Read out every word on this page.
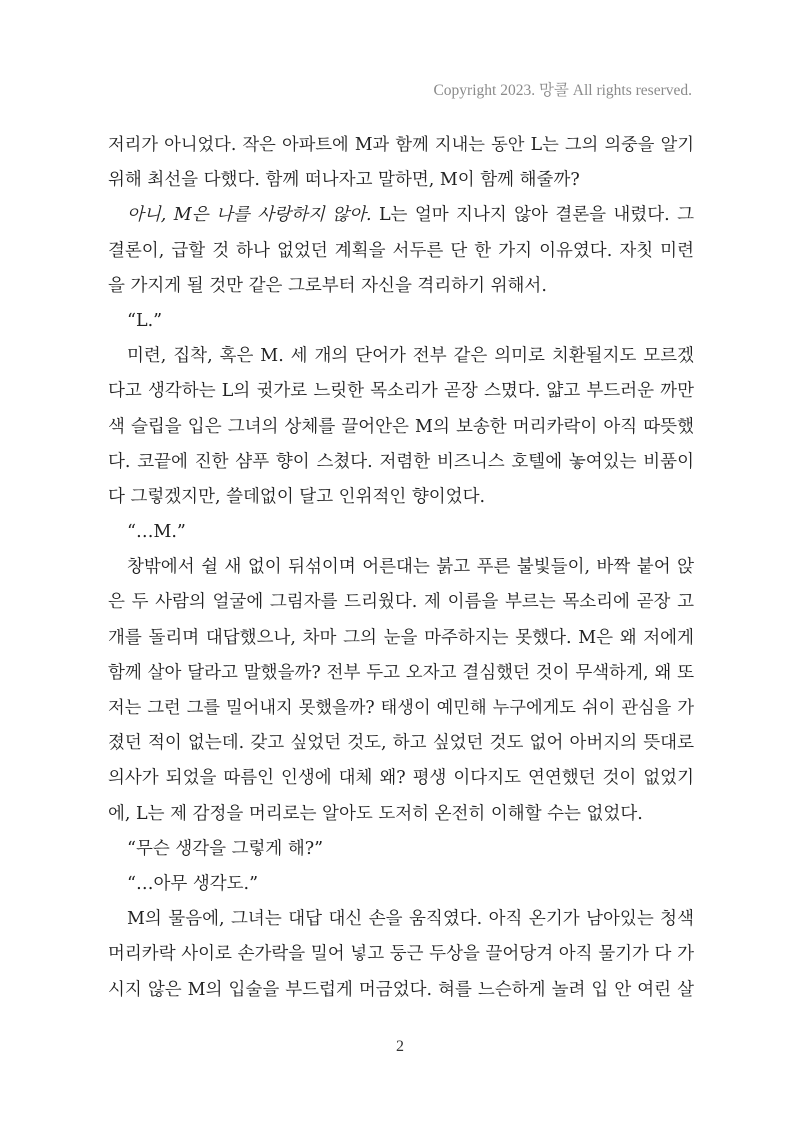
Copyright 2023. 망콜 All rights reserved.
저리가 아니었다. 작은 아파트에 M과 함께 지내는 동안 L는 그의 의중을 알기
위해 최선을 다했다. 함께 떠나자고 말하면, M이 함께 해줄까?
아니, M은 나를 사랑하지 않아. L는 얼마 지나지 않아 결론을 내렸다. 그
결론이, 급할 것 하나 없었던 계획을 서두른 단 한 가지 이유였다. 자칫 미련
을 가지게 될 것만 같은 그로부터 자신을 격리하기 위해서.
“L.”
미련, 집착, 혹은 M. 세 개의 단어가 전부 같은 의미로 치환될지도 모르겠
다고 생각하는 L의 귓가로 느릿한 목소리가 곧장 스몄다. 얇고 부드러운 까만
색 슬립을 입은 그녀의 상체를 끌어안은 M의 보송한 머리카락이 아직 따뜻했
다. 코끝에 진한 샴푸 향이 스쳤다. 저렴한 비즈니스 호텔에 놓여있는 비품이
다 그렇겠지만, 쓸데없이 달고 인위적인 향이었다.
“…M.”
창밖에서 쉴 새 없이 뒤섞이며 어른대는 붉고 푸른 불빛들이, 바짝 붙어 앉
은 두 사람의 얼굴에 그림자를 드리웠다. 제 이름을 부르는 목소리에 곧장 고
개를 돌리며 대답했으나, 차마 그의 눈을 마주하지는 못했다. M은 왜 저에게
함께 살아 달라고 말했을까? 전부 두고 오자고 결심했던 것이 무색하게, 왜 또
저는 그런 그를 밀어내지 못했을까? 태생이 예민해 누구에게도 쉬이 관심을 가
졌던 적이 없는데. 갖고 싶었던 것도, 하고 싶었던 것도 없어 아버지의 뜻대로
의사가 되었을 따름인 인생에 대체 왜? 평생 이다지도 연연했던 것이 없었기
에, L는 제 감정을 머리로는 알아도 도저히 온전히 이해할 수는 없었다.
“무슨 생각을 그렇게 해?”
“…아무 생각도.”
M의 물음에, 그녀는 대답 대신 손을 움직였다. 아직 온기가 남아있는 청색
머리카락 사이로 손가락을 밀어 넣고 둥근 두상을 끌어당겨 아직 물기가 다 가
시지 않은 M의 입술을 부드럽게 머금었다. 혀를 느슨하게 놀려 입 안 여린 살
2
